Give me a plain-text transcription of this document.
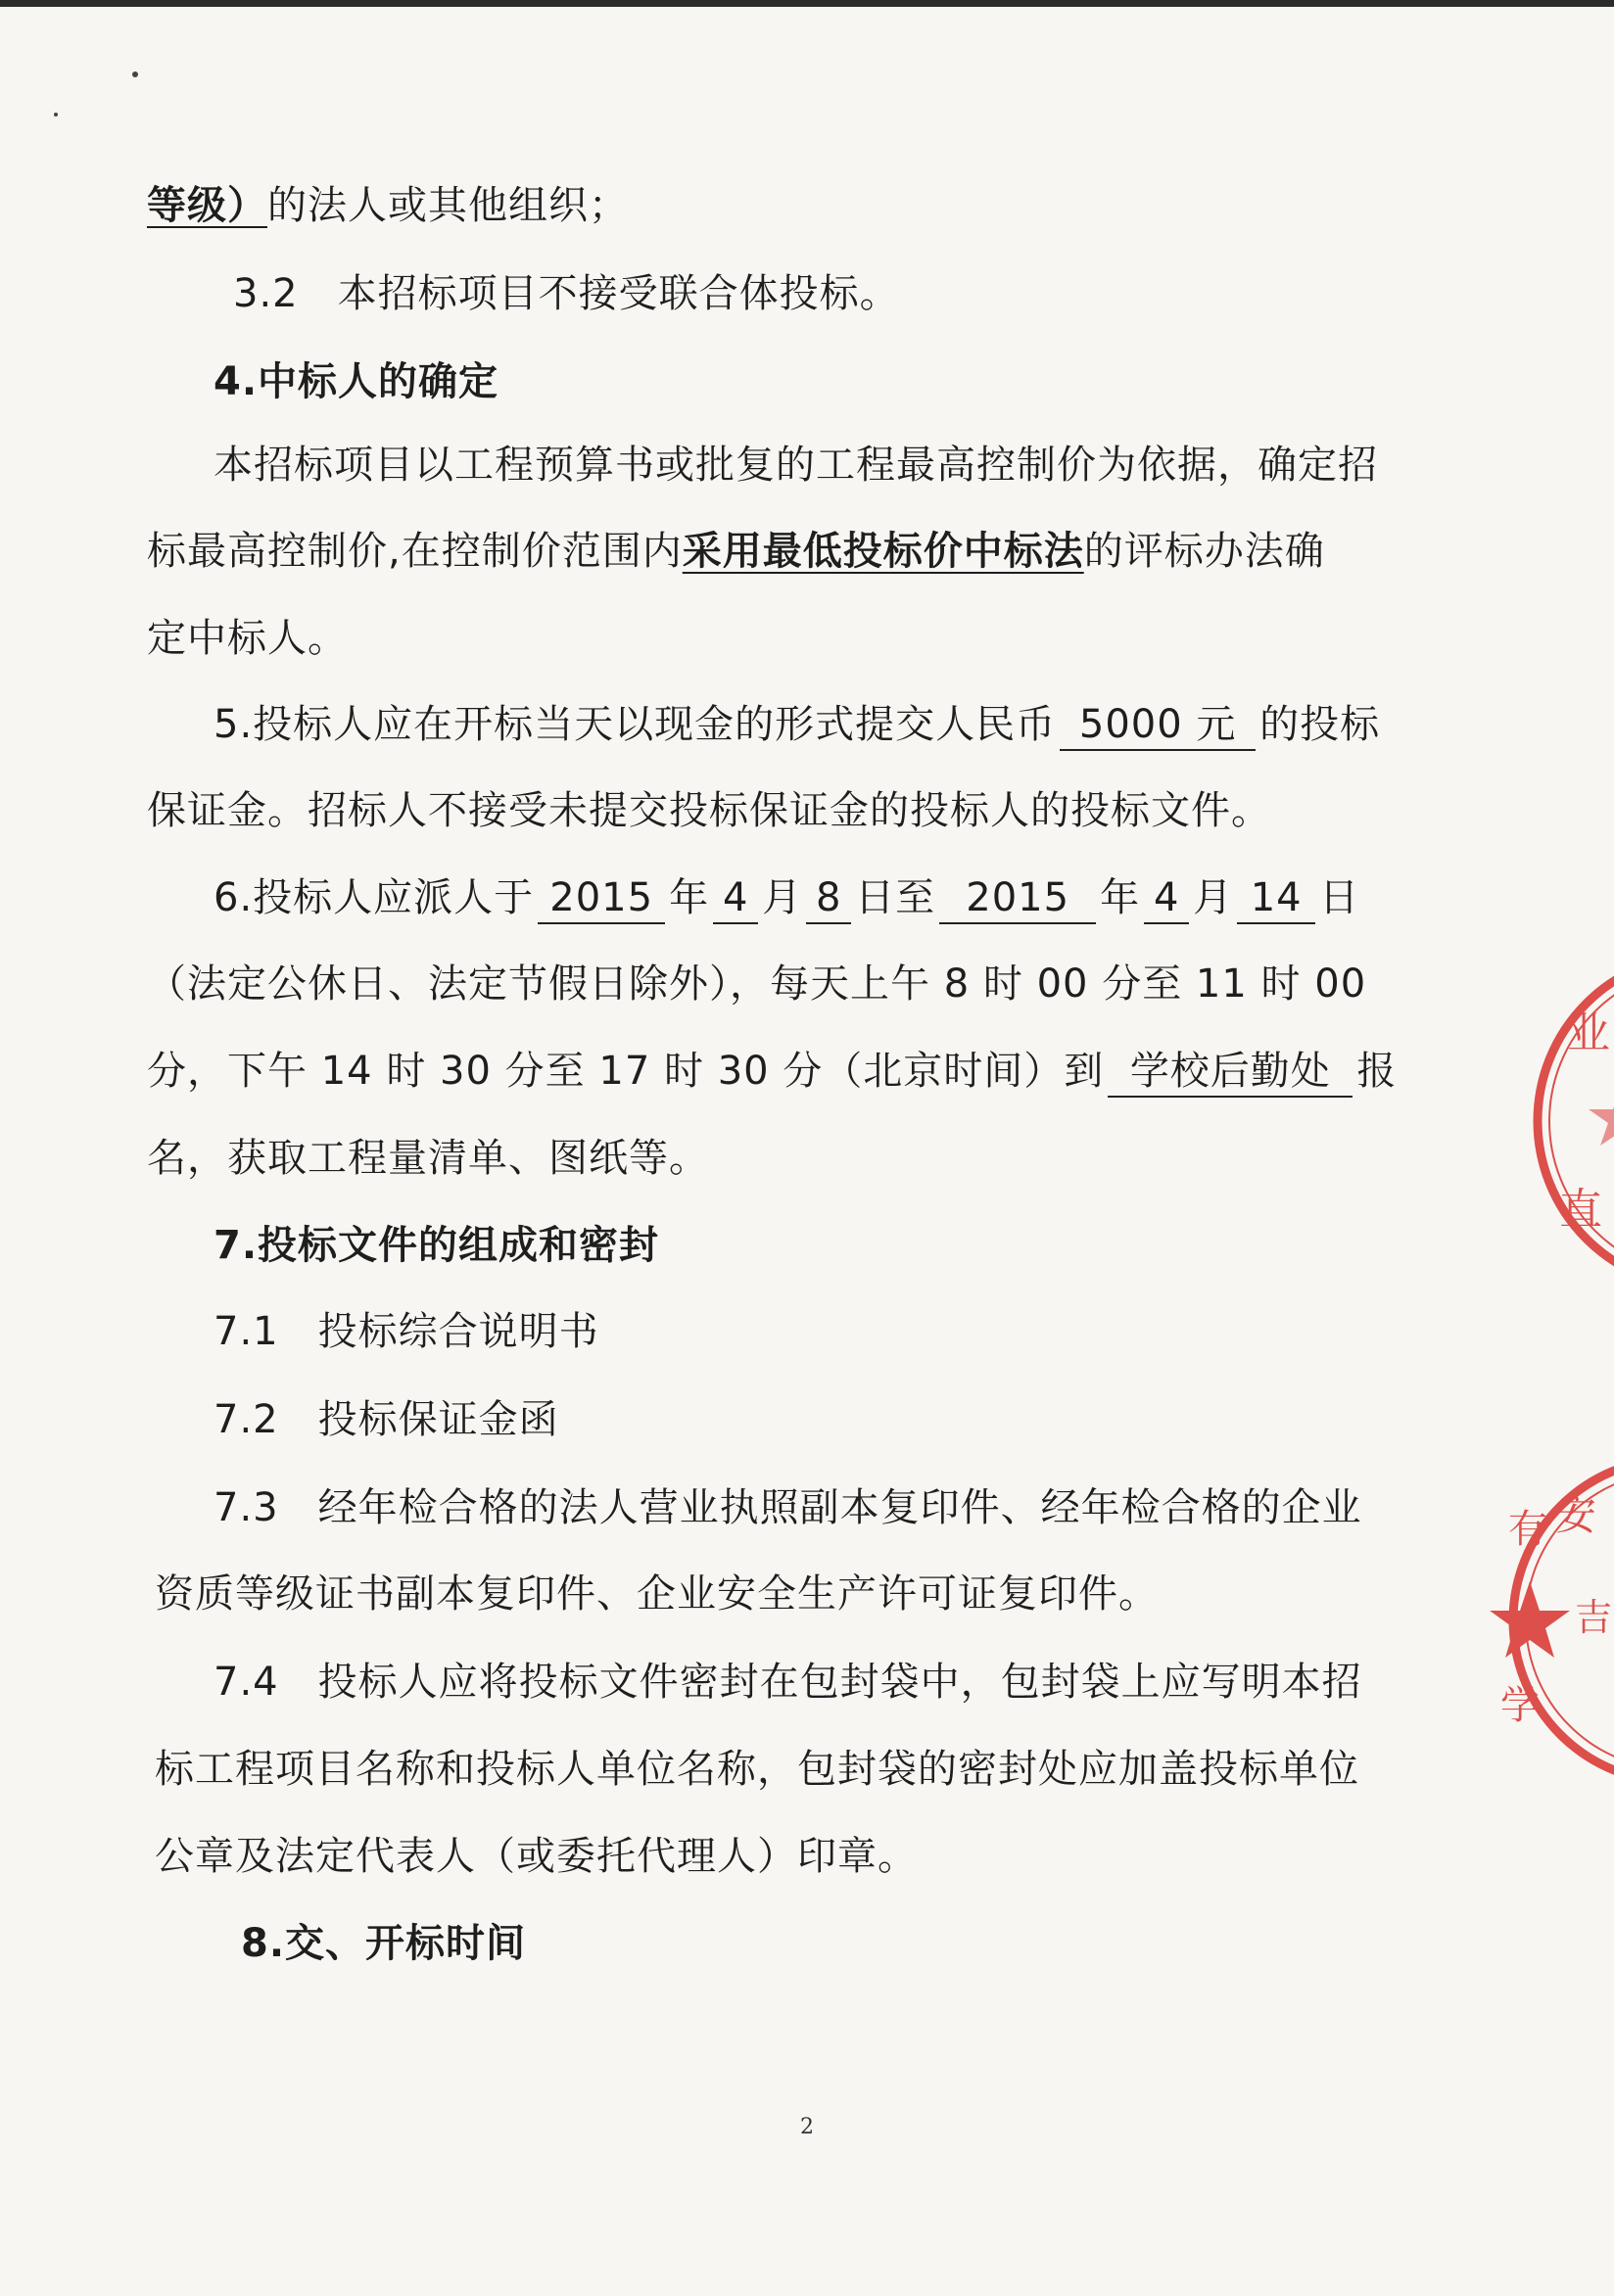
等级）的法人或其他组织；
3.2 本招标项目不接受联合体投标。
4.中标人的确定
本招标项目以工程预算书或批复的工程最高控制价为依据，确定招
标最高控制价,在控制价范围内采用最低投标价中标法的评标办法确
定中标人。
5.投标人应在开标当天以现金的形式提交人民币 5000 元 的投标
保证金。招标人不接受未提交投标保证金的投标人的投标文件。
6.投标人应派人于 2015 年 4 月 8 日至 2015 年 4 月 14 日
（法定公休日、法定节假日除外），每天上午 8 时 00 分至 11 时 00
分，下午 14 时 30 分至 17 时 30 分（北京时间）到 学校后勤处 报
名，获取工程量清单、图纸等。
7.投标文件的组成和密封
7.1 投标综合说明书
7.2 投标保证金函
7.3 经年检合格的法人营业执照副本复印件、经年检合格的企业
资质等级证书副本复印件、企业安全生产许可证复印件。
7.4 投标人应将投标文件密封在包封袋中，包封袋上应写明本招
标工程项目名称和投标人单位名称，包封袋的密封处应加盖投标单位
公章及法定代表人（或委托代理人）印章。
8.交、开标时间
2
业
直
有 安
吉
学
